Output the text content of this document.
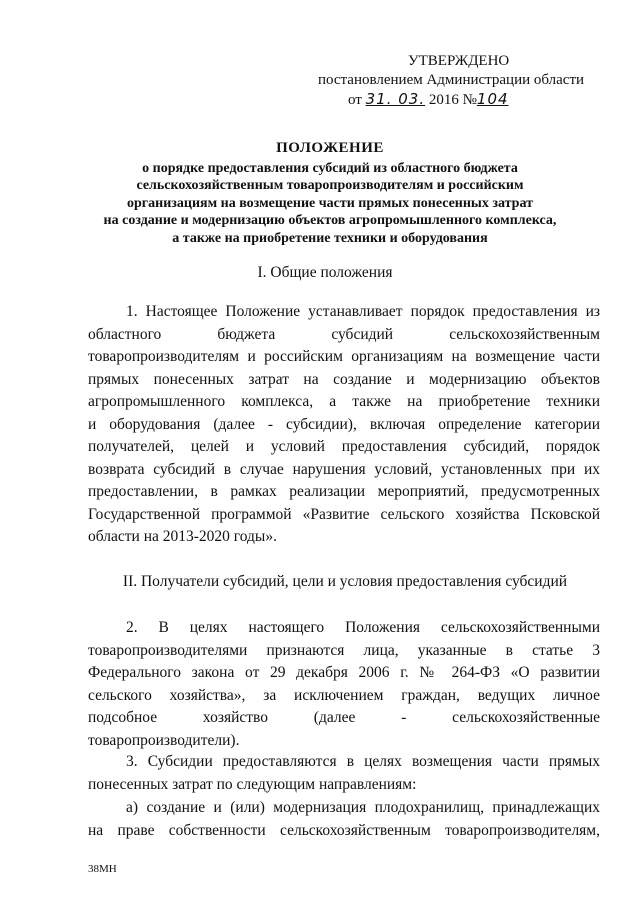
УТВЕРЖДЕНО
постановлением Администрации области
от 31. 03. 2016 №104
ПОЛОЖЕНИЕ
о порядке предоставления субсидий из областного бюджета
сельскохозяйственным товаропроизводителям и российским
организациям на возмещение части прямых понесенных затрат
на создание и модернизацию объектов агропромышленного комплекса,
а также на приобретение техники и оборудования
I. Общие положения
1. Настоящее Положение устанавливает порядок предоставления из
областного бюджета субсидий сельскохозяйственным
товаропроизводителям и российским организациям на возмещение части
прямых понесенных затрат на создание и модернизацию объектов
агропромышленного комплекса, а также на приобретение техники
и оборудования (далее - субсидии), включая определение категории
получателей, целей и условий предоставления субсидий, порядок
возврата субсидий в случае нарушения условий, установленных при их
предоставлении, в рамках реализации мероприятий, предусмотренных
Государственной программой «Развитие сельского хозяйства Псковской
области на 2013-2020 годы».
II. Получатели субсидий, цели и условия предоставления субсидий
2. В целях настоящего Положения сельскохозяйственными
товаропроизводителями признаются лица, указанные в статье 3
Федерального закона от 29 декабря 2006 г. № 264-ФЗ «О развитии
сельского хозяйства», за исключением граждан, ведущих личное
подсобное хозяйство (далее - сельскохозяйственные
товаропроизводители).
3. Субсидии предоставляются в целях возмещения части прямых
понесенных затрат по следующим направлениям:
а) создание и (или) модернизация плодохранилищ, принадлежащих
на праве собственности сельскохозяйственным товаропроизводителям,
38МН
